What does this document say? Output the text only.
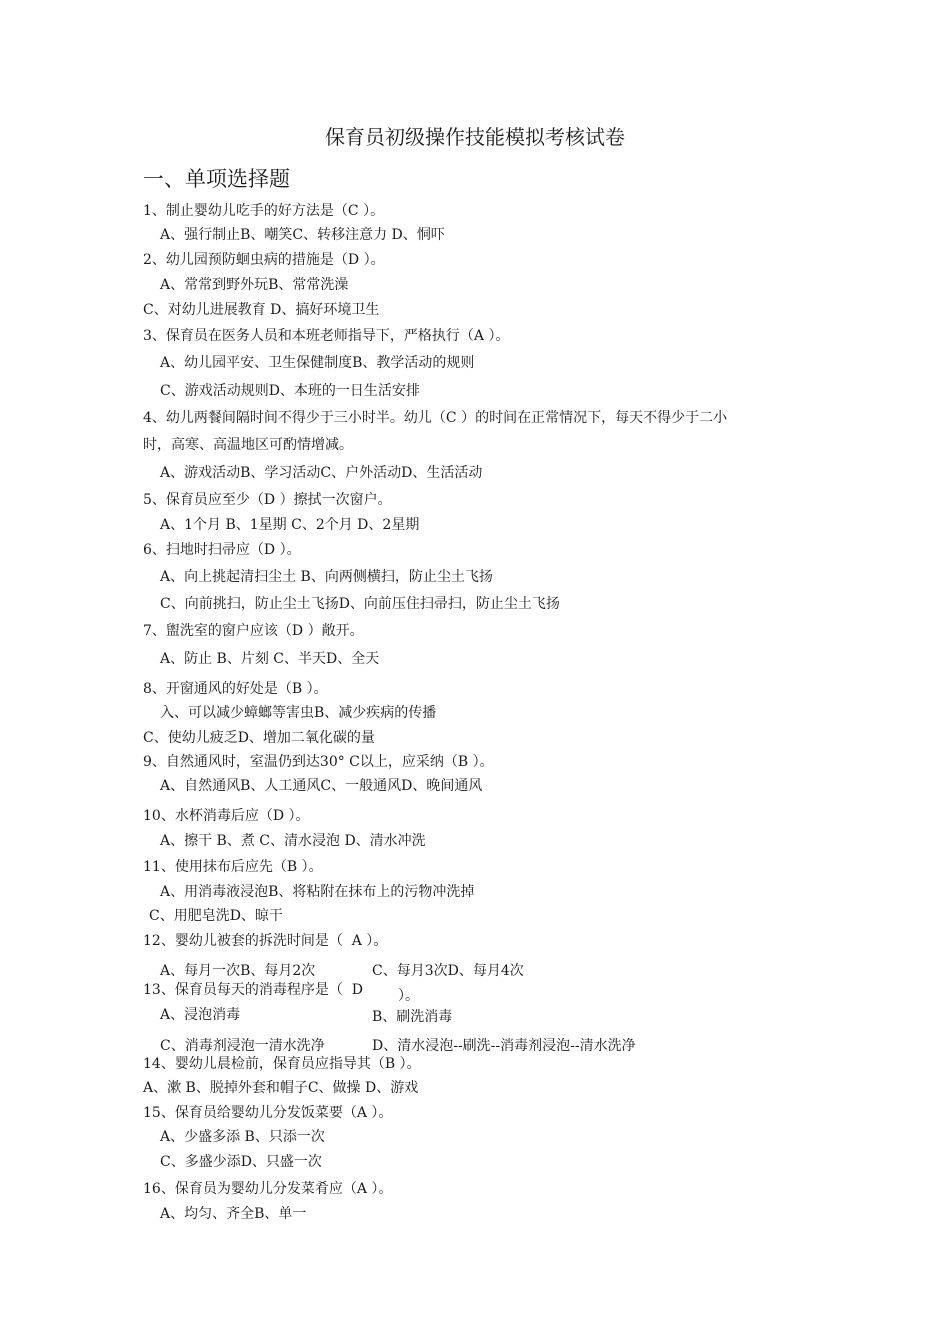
保育员初级操作技能模拟考核试卷
一、单项选择题
1、制止婴幼儿吃手的好方法是（C ）。
A、强行制止B、嘲笑C、转移注意力 D、恫吓
2、幼儿园预防蛔虫病的措施是（D ）。
A、常常到野外玩B、常常洗澡
C、对幼儿进展教育 D、搞好环境卫生
3、保育员在医务人员和本班老师指导下，严格执行（A ）。
A、幼儿园平安、卫生保健制度B、教学活动的规则
C、游戏活动规则D、本班的一日生活安排
4、幼儿两餐间隔时间不得少于三小时半。幼儿（C ）的时间在正常情况下，每天不得少于二小
时，高寒、高温地区可酌情增减。
A、游戏活动B、学习活动C、户外活动D、生活活动
5、保育员应至少（D ）擦拭一次窗户。
A、1个月 B、1星期 C、2个月 D、2星期
6、扫地时扫帚应（D ）。
A、向上挑起清扫尘土 B、向两侧横扫，防止尘土飞扬
C、向前挑扫，防止尘土飞扬D、向前压住扫帚扫，防止尘土飞扬
7、盥洗室的窗户应该（D ）敞开。
A、防止 B、片刻 C、半天D、全天
8、开窗通风的好处是（B ）。
入、可以减少蟑螂等害虫B、减少疾病的传播
C、使幼儿疲乏D、增加二氧化碳的量
9、自然通风时，室温仍到达30° C以上，应采纳（B ）。
A、自然通风B、人工通风C、一般通风D、晚间通风
10、水杯消毒后应（D ）。
A、擦干 B、煮 C、清水浸泡 D、清水冲洗
11、使用抹布后应先（B ）。
A、用消毒液浸泡B、将粘附在抹布上的污物冲洗掉
C、用肥皂洗D、晾干
12、婴幼儿被套的拆洗时间是（  A ）。
A、每月一次B、每月2次	C、每月3次D、每月4次
13、保育员每天的消毒程序是（  D	）。
A、浸泡消毒	B、刷洗消毒
C、消毒剂浸泡一清水洗净	D、清水浸泡--刷洗--消毒剂浸泡--清水洗净
14、婴幼儿晨检前，保育员应指导其（B ）。
A、漱 B、脱掉外套和帽子C、做操 D、游戏
15、保育员给婴幼儿分发饭菜要（A ）。
A、少盛多添 B、只添一次
C、多盛少添D、只盛一次
16、保育员为婴幼儿分发菜肴应（A ）。
A、均匀、齐全B、单一
